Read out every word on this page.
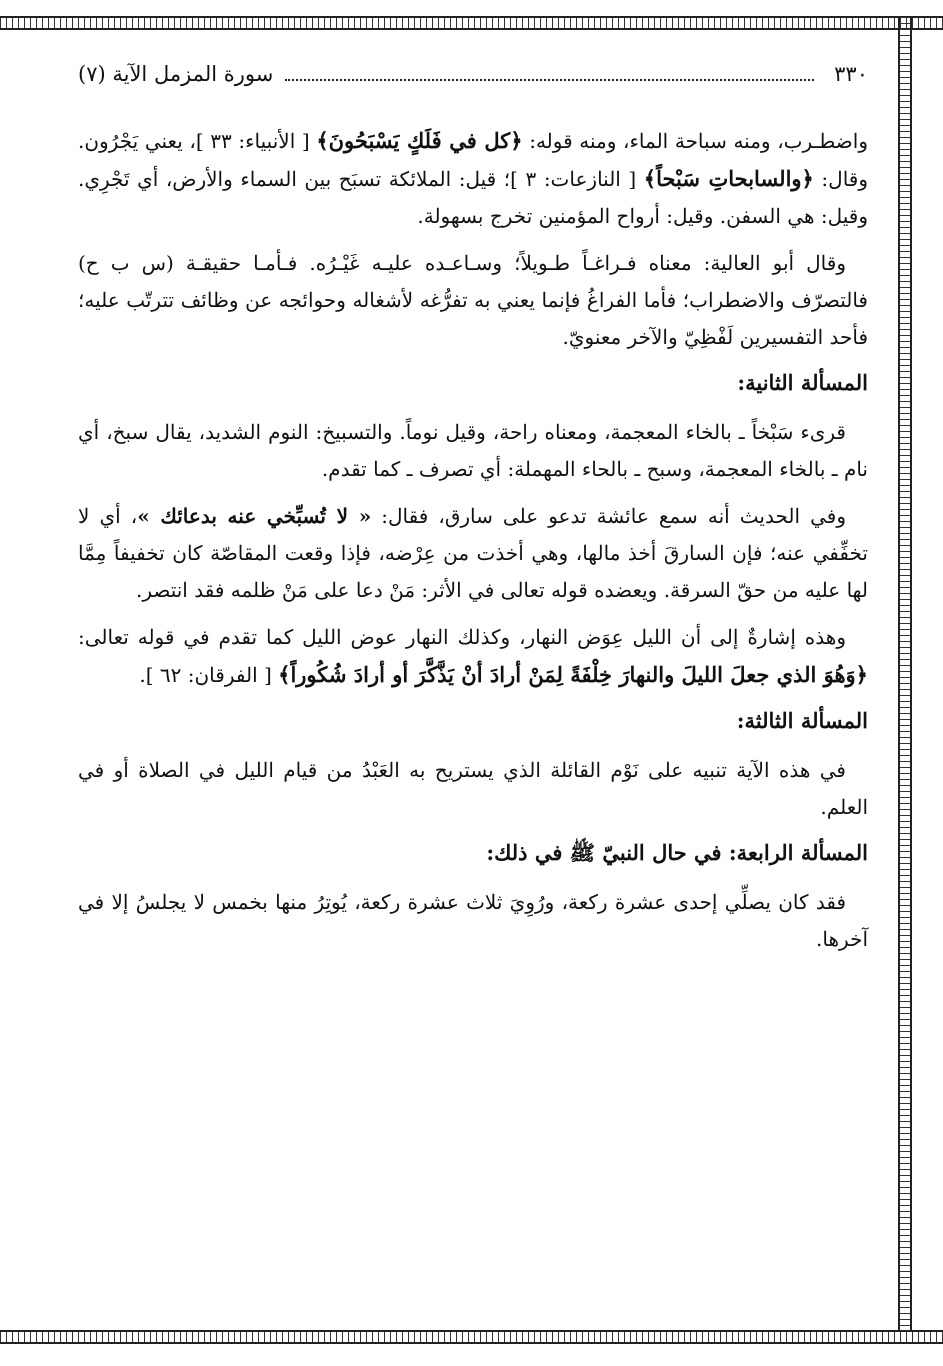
٣٣٠
سورة المزمل الآية (٧)

واضطـرب، ومنه سباحة الماء، ومنه قوله: ﴿كل في فَلَكٍ يَسْبَحُونَ﴾ [ الأنبياء: ٣٣ ]، يعني يَجْرُون. وقال: ﴿والسابحاتِ سَبْحاً﴾ [ النازعات: ٣ ]؛ قيل: الملائكة تسبَح بين السماء والأرض، أي تَجْرِي. وقيل: هي السفن. وقيل: أرواح المؤمنين تخرج بسهولة.

وقال أبو العالية: معناه فـراغـاً طـويلاً؛ وسـاعـده عليـه غَيْـرُه. فـأمـا حقيقـة (س ب ح) فالتصرّف والاضطراب؛ فأما الفراغُ فإنما يعني به تفرُّغه لأشغاله وحوائجه عن وظائف تترتّب عليه؛ فأحد التفسيرين لَفْظِيّ والآخر معنويّ.

المسألة الثانية:

قرىء سَبْخاً ـ بالخاء المعجمة، ومعناه راحة، وقيل نوماً. والتسبيخ: النوم الشديد، يقال سبخ، أي نام ـ بالخاء المعجمة، وسبح ـ بالحاء المهملة: أي تصرف ـ كما تقدم.

وفي الحديث أنه سمع عائشة تدعو على سارق، فقال: « لا تُسبِّخي عنه بدعائك »، أي لا تخفِّفي عنه؛ فإن السارقَ أخذ مالها، وهي أخذت من عِرْضه، فإذا وقعت المقاصّة كان تخفيفاً مِمَّا لها عليه من حقّ السرقة. ويعضده قوله تعالى في الأثر: مَنْ دعا على مَنْ ظلمه فقد انتصر.

وهذه إشارةٌ إلى أن الليل عِوَض النهار، وكذلك النهار عوض الليل كما تقدم في قوله تعالى: ﴿وَهُوَ الذي جعلَ الليلَ والنهارَ خِلْفَةً لِمَنْ أرادَ أنْ يَذَّكَّرَ أو أرادَ شُكُوراً﴾ [ الفرقان: ٦٢ ].

المسألة الثالثة:

في هذه الآية تنبيه على نَوْم القائلة الذي يستريح به العَبْدُ من قيام الليل في الصلاة أو في العلم.

المسألة الرابعة: في حال النبيّ ﷺ في ذلك:

فقد كان يصلِّي إحدى عشرة ركعة، ورُوِيَ ثلاث عشرة ركعة، يُوتِرُ منها بخمس لا يجلسُ إلا في آخرها.
